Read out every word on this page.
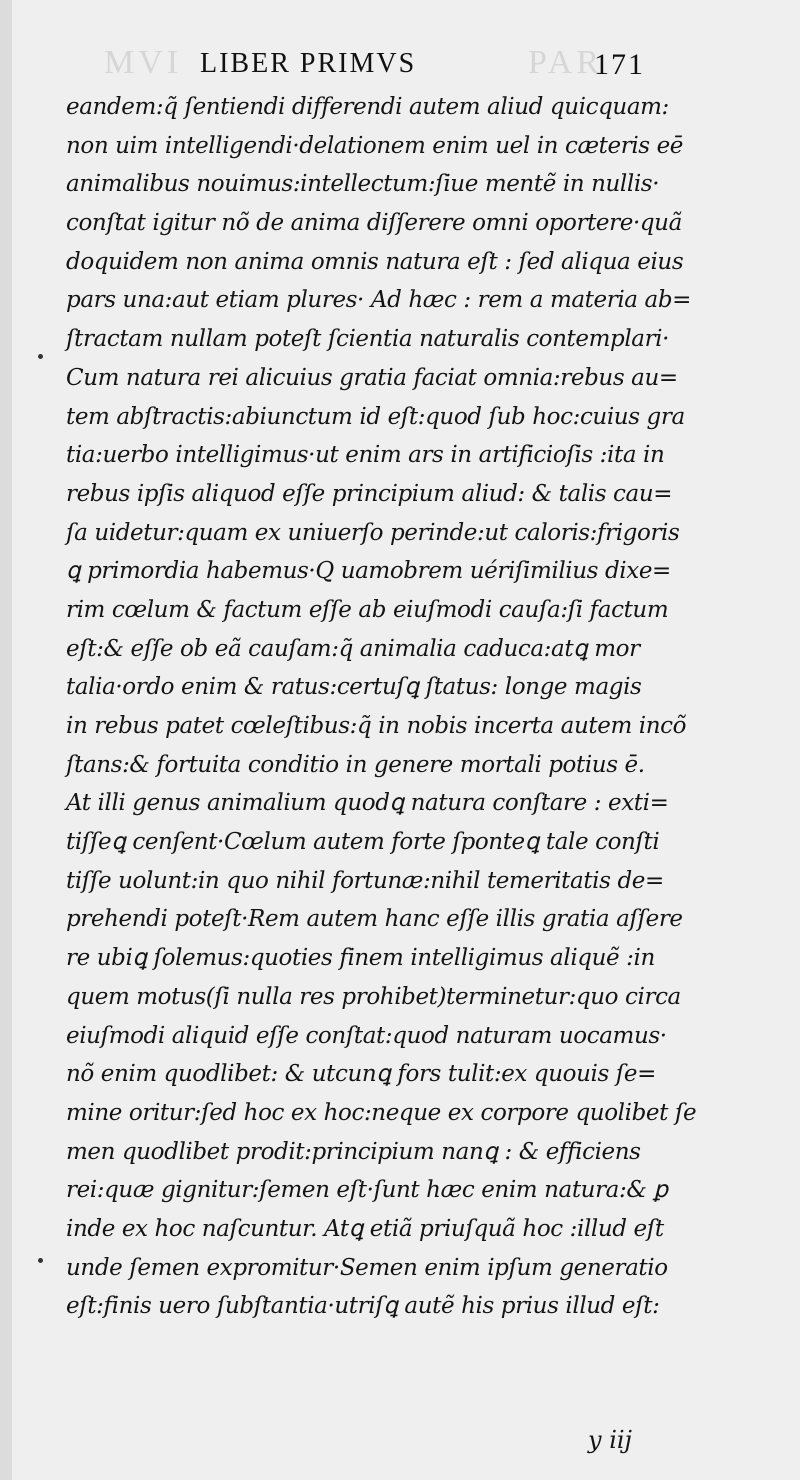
MVI	PAR
LIBER PRIMVS	171
eandem:q̃ ſentiendi differendi autem aliud quicquam:
non uim intelligendi·delationem enim uel in cæteris eē
animalibus nouimus:intellectum:ſiue mentẽ in nullis·
conſtat igitur nõ de anima diſſerere omni oportere·quã
doquidem non anima omnis natura eſt : ſed aliqua eius
pars una:aut etiam plures· Ad hæc : rem a materia ab=
ſtractam nullam poteſt ſcientia naturalis contemplari·
Cum natura rei alicuius gratia faciat omnia:rebus au=
tem abſtractis:abiunctum id eſt:quod ſub hoc:cuius gra
tia:uerbo intelligimus·ut enim ars in artificioſis :ita in
rebus ipſis aliquod eſſe principium aliud: & talis cau=
ſa uidetur:quam ex uniuerſo perinde:ut caloris:frigoris
ꝗ primordia habemus·Q uamobrem uériſimilius dixe=
rim cœlum & factum eſſe ab eiuſmodi cauſa:ſi factum
eſt:& eſſe ob eã cauſam:q̃ animalia caduca:atꝗ mor
talia·ordo enim & ratus:certuſꝗ ſtatus: longe magis
in rebus patet cœleſtibus:q̃ in nobis incerta autem incõ
ſtans:& fortuita conditio in genere mortali potius ē.
At illi genus animalium quodꝗ natura conſtare : exti=
tiſſeꝗ cenſent·Cœlum autem forte ſponteꝗ tale conſti
tiſſe uolunt:in quo nihil fortunæ:nihil temeritatis de=
prehendi poteſt·Rem autem hanc eſſe illis gratia aſſere
re ubiꝗ ſolemus:quoties finem intelligimus aliquẽ :in
quem motus(ſi nulla res prohibet)terminetur:quo circa
eiuſmodi aliquid eſſe conſtat:quod naturam uocamus·
nõ enim quodlibet: & utcunꝗ fors tulit:ex quouis ſe=
mine oritur:ſed hoc ex hoc:neque ex corpore quolibet ſe
men quodlibet prodit:principium nanꝗ : & efficiens
rei:quæ gignitur:ſemen eſt·ſunt hæc enim natura:& ꝑ
inde ex hoc naſcuntur. Atꝗ etiã priuſquã hoc :illud eſt
unde ſemen expromitur·Semen enim ipſum generatio
eſt:finis uero ſubſtantia·utriſꝗ autẽ his prius illud eſt:
y iij
